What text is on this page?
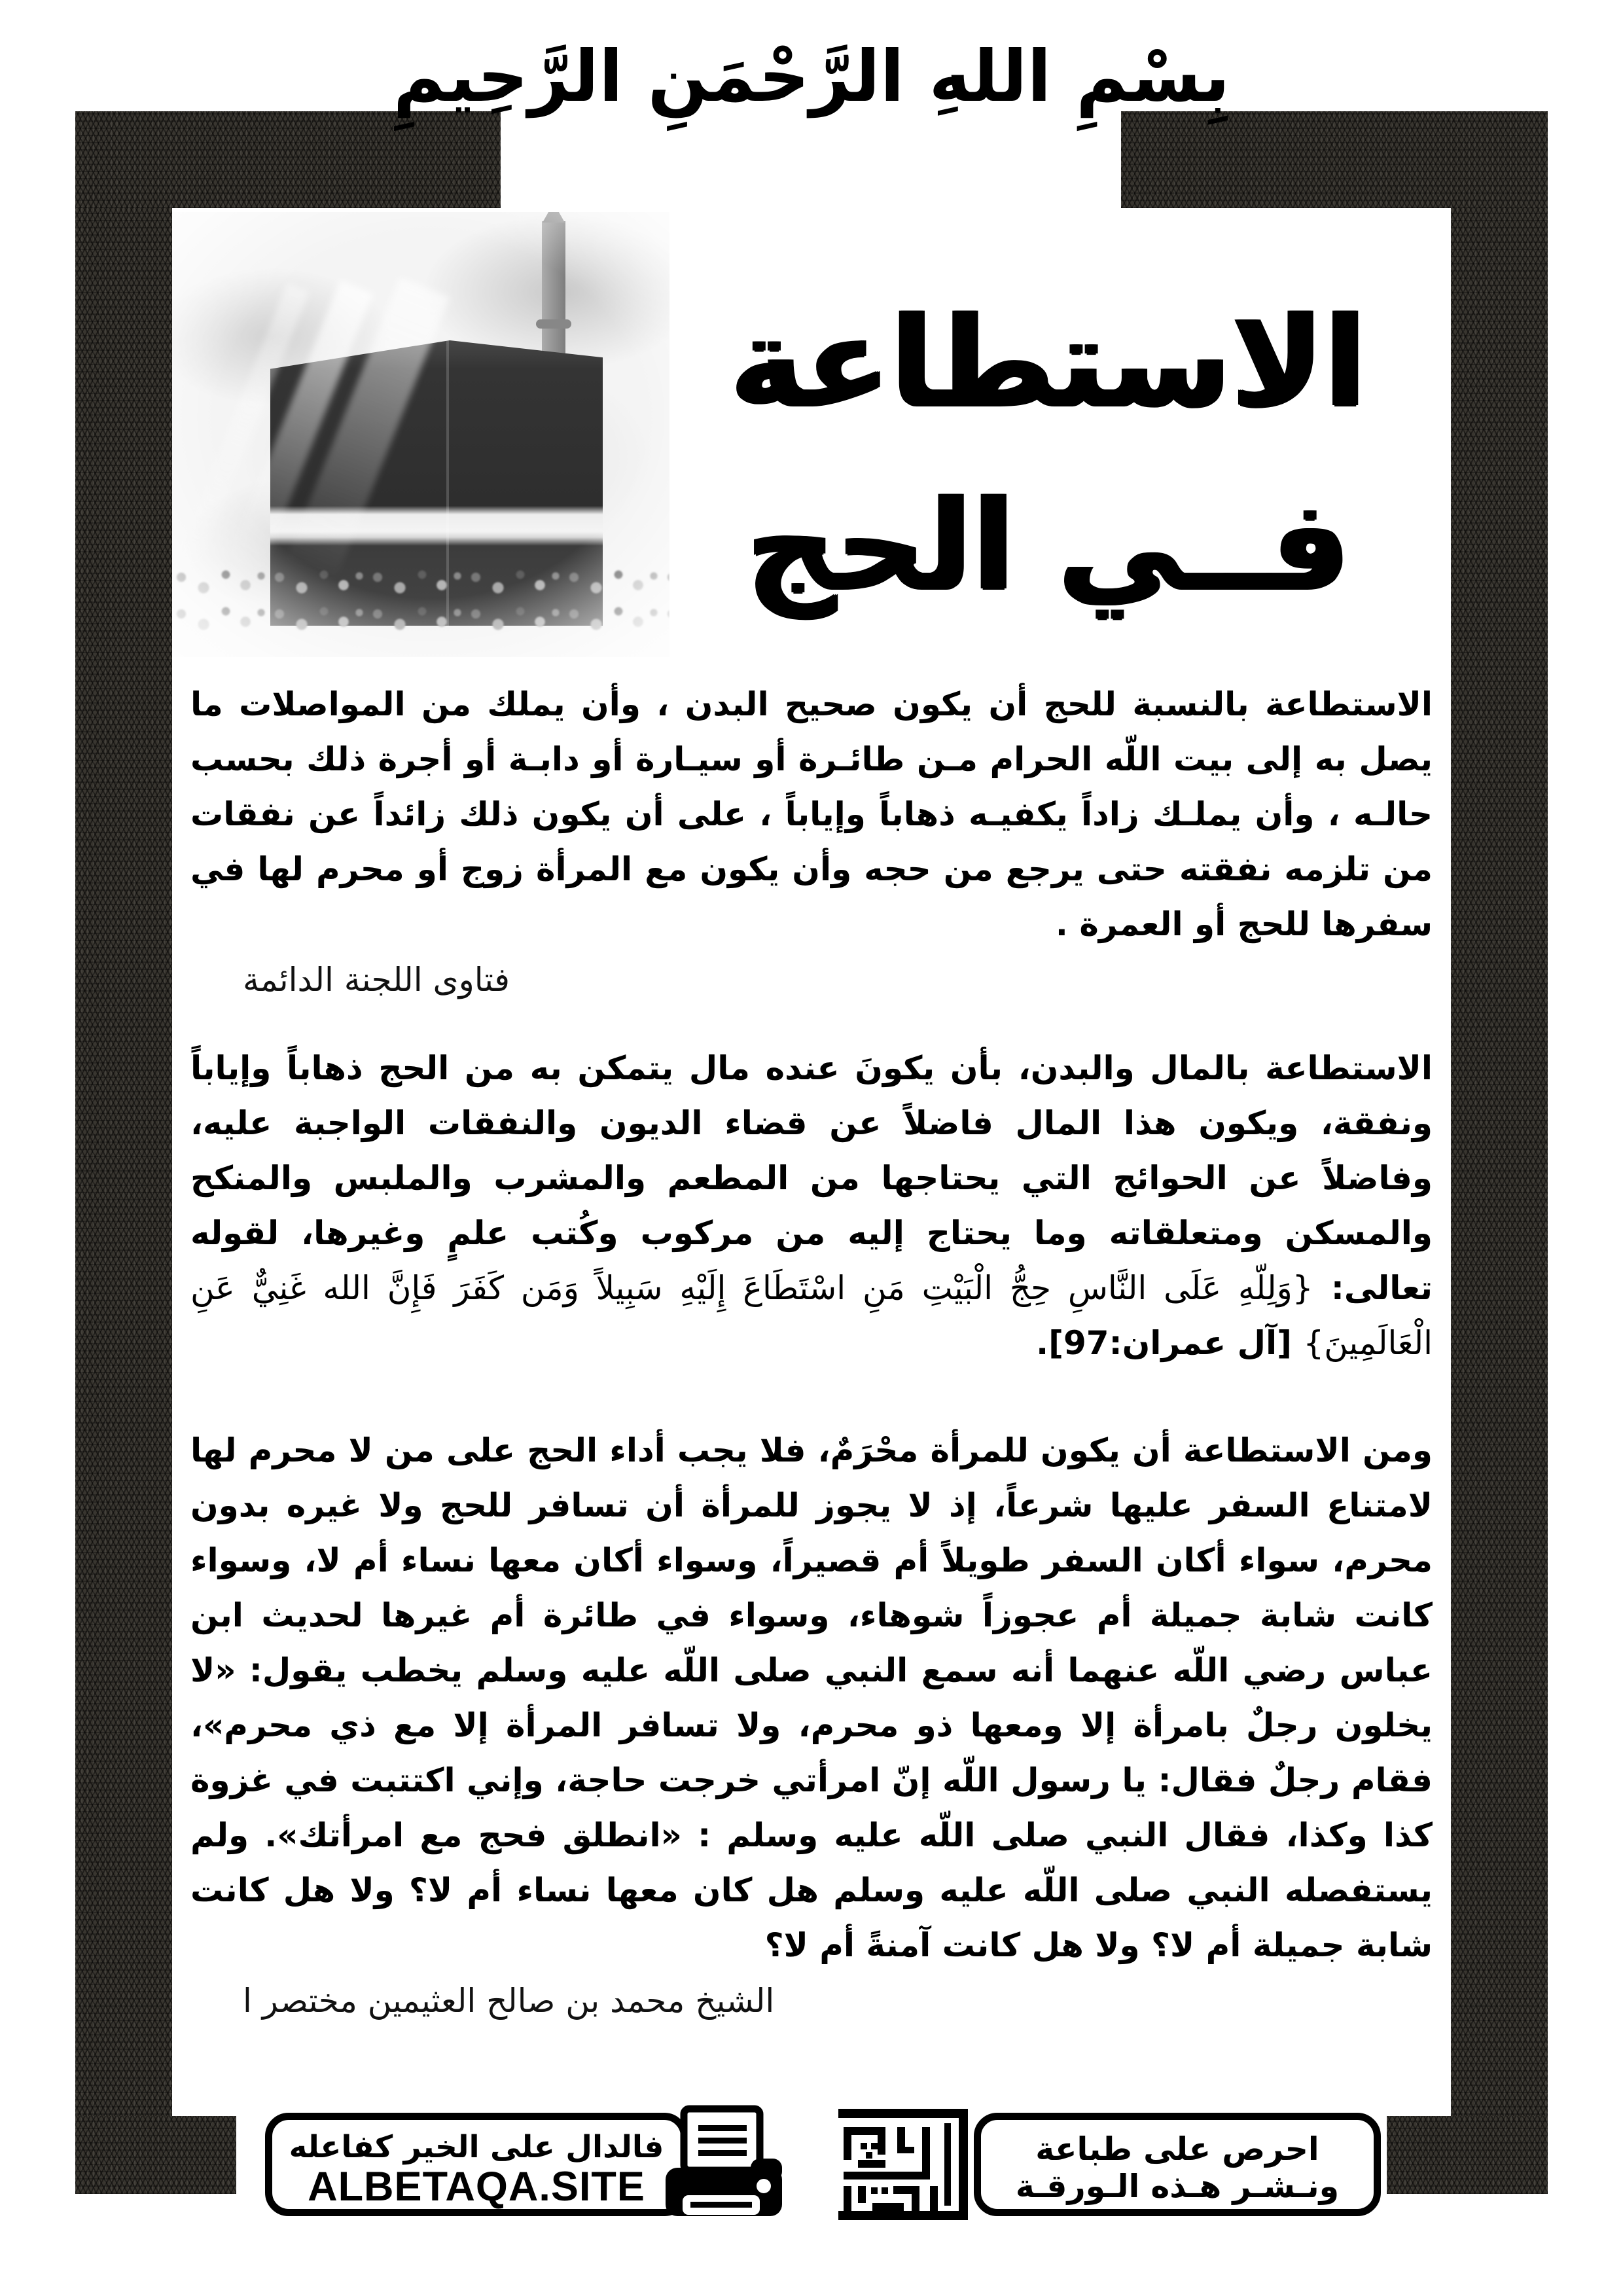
بِسْمِ اللهِ الرَّحْمَنِ الرَّحِيمِ
الاستطاعة
فــي الحج
الاستطاعة بالنسبة للحج أن يكون صحيح البدن ، وأن يملك من المواصلات ما يصل به إلى بيت اللّه الحرام مـن طائـرة أو سيـارة أو دابـة أو أجرة ذلك بحسب حالـه ، وأن يملـك زاداً يكفيـه ذهاباً وإياباً ، على أن يكون ذلك زائداً عن نفقات من تلزمه نفقته حتى يرجع من حجه وأن يكون مع المرأة زوج أو محرم لها في سفرها للحج أو العمرة .
فتاوى اللجنة الدائمة
الاستطاعة بالمال والبدن، بأن يكونَ عنده مال يتمكن به من الحج ذهاباً وإياباً ونفقة، ويكون هذا المال فاضلاً عن قضاء الديون والنفقات الواجبة عليه، وفاضلاً عن الحوائج التي يحتاجها من المطعم والمشرب والملبس والمنكح والمسكن ومتعلقاته وما يحتاج إليه من مركوب وكُتب علمٍ وغيرها، لقوله تعالى: {وَلِلّهِ عَلَى النَّاسِ حِجُّ الْبَيْتِ مَنِ اسْتَطَاعَ إِلَيْهِ سَبِيلاً وَمَن كَفَرَ فَإِنَّ الله غَنِيٌّ عَنِ الْعَالَمِينَ} [آل عمران:97].
ومن الاستطاعة أن يكون للمرأة محْرَمٌ، فلا يجب أداء الحج على من لا محرم لها لامتناع السفر عليها شرعاً، إذ لا يجوز للمرأة أن تسافر للحج ولا غيره بدون محرم، سواء أكان السفر طويلاً أم قصيراً، وسواء أكان معها نساء أم لا، وسواء كانت شابة جميلة أم عجوزاً شوهاء، وسواء في طائرة أم غيرها لحديث ابن عباس رضي اللّه عنهما أنه سمع النبي صلى اللّه عليه وسلم يخطب يقول: «لا يخلون رجلٌ بامرأة إلا ومعها ذو محرم، ولا تسافر المرأة إلا مع ذي محرم»، فقام رجلٌ فقال: يا رسول اللّه إنّ امرأتي خرجت حاجة، وإني اكتتبت في غزوة كذا وكذا، فقال النبي صلى اللّه عليه وسلم : «انطلق فحج مع امرأتك». ولم يستفصله النبي صلى اللّه عليه وسلم هل كان معها نساء أم لا؟ ولا هل كانت شابة جميلة أم لا؟ ولا هل كانت آمنةً أم لا؟
الشيخ محمد بن صالح العثيمين مختصر ا
فالدال على الخير كفاعله
ALBETAQA.SITE
احرص على طباعة
ونـشـر هـذه الـورقـة
